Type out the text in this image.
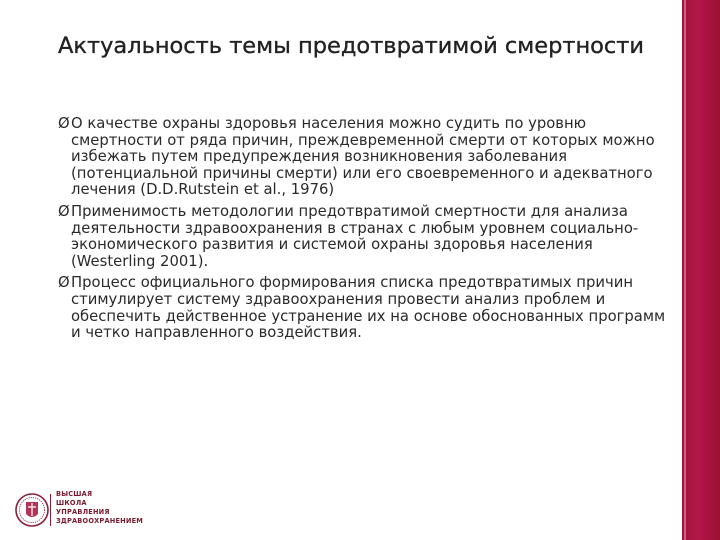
Актуальность темы предотвратимой смертности
Ø О качестве охраны здоровья населения можно судить по уровню смертности от ряда причин, преждевременной смерти от которых можно избежать путем предупреждения возникновения заболевания (потенциальной причины смерти) или его своевременного и адекватного лечения (D.D.Rutstein et al., 1976)
Ø Применимость методологии предотвратимой смертности для анализа деятельности здравоохранения в странах с любым уровнем социально-экономического развития и системой охраны здоровья населения (Westerling 2001).
Ø Процесс официального формирования списка предотвратимых причин стимулирует систему здравоохранения провести анализ проблем и обеспечить действенное устранение их на основе обоснованных программ и четко направленного воздействия.
ВЫСШАЯ
ШКОЛА
УПРАВЛЕНИЯ
ЗДРАВООХРАНЕНИЕМ
